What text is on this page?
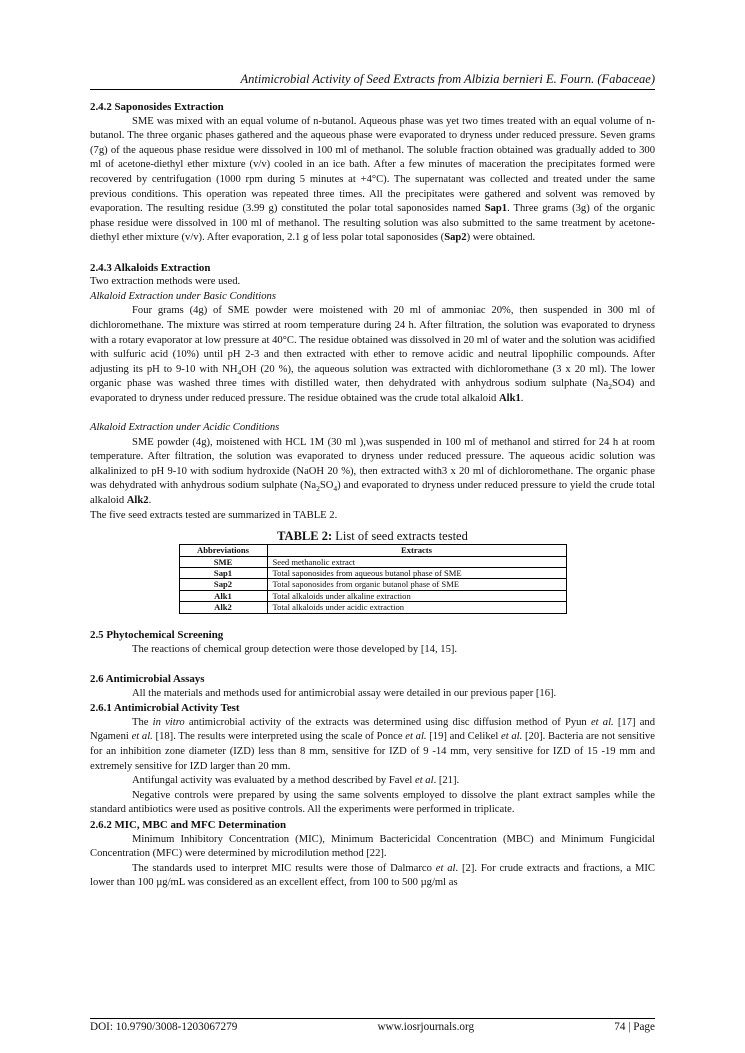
Antimicrobial Activity of Seed Extracts from Albizia bernieri E. Fourn. (Fabaceae)
2.4.2 Saponosides Extraction

SME was mixed with an equal volume of n-butanol. Aqueous phase was yet two times treated with an equal volume of n-butanol. The three organic phases gathered and the aqueous phase were evaporated to dryness under reduced pressure. Seven grams (7g) of the aqueous phase residue were dissolved in 100 ml of methanol. The soluble fraction obtained was gradually added to 300 ml of acetone-diethyl ether mixture (v/v) cooled in an ice bath. After a few minutes of maceration the precipitates formed were recovered by centrifugation (1000 rpm during 5 minutes at +4°C). The supernatant was collected and treated under the same previous conditions. This operation was repeated three times. All the precipitates were gathered and solvent was removed by evaporation. The resulting residue (3.99 g) constituted the polar total saponosides named Sap1. Three grams (3g) of the organic phase residue were dissolved in 100 ml of methanol. The resulting solution was also submitted to the same treatment by acetone-diethyl ether mixture (v/v). After evaporation, 2.1 g of less polar total saponosides (Sap2) were obtained.

2.4.3 Alkaloids Extraction

Two extraction methods were used.

Alkaloid Extraction under Basic Conditions

Four grams (4g) of SME powder were moistened with 20 ml of ammoniac 20%, then suspended in 300 ml of dichloromethane. The mixture was stirred at room temperature during 24 h. After filtration, the solution was evaporated to dryness with a rotary evaporator at low pressure at 40°C. The residue obtained was dissolved in 20 ml of water and the solution was acidified with sulfuric acid (10%) until pH 2-3 and then extracted with ether to remove acidic and neutral lipophilic compounds. After adjusting its pH to 9-10 with $NH_4OH$ (20 %), the aqueous solution was extracted with dichloromethane (3 x 20 ml). The lower organic phase was washed three times with distilled water, then dehydrated with anhydrous sodium sulphate $(Na_2SO4)$ and evaporated to dryness under reduced pressure. The residue obtained was the crude total alkaloid Alk1.

Alkaloid Extraction under Acidic Conditions

SME powder (4g), moistened with HCL 1M (30 ml ),was suspended in 100 ml of methanol and stirred for 24 h at room temperature. After filtration, the solution was evaporated to dryness under reduced pressure. The aqueous acidic solution was alkalinized to pH 9-10 with sodium hydroxide (NaOH 20 %), then extracted with3 x 20 ml of dichloromethane. The organic phase was dehydrated with anhydrous sodium sulphate $(Na_2SO_4)$ and evaporated to dryness under reduced pressure to yield the crude total alkaloid Alk2.

The five seed extracts tested are summarized in TABLE 2.

TABLE 2: List of seed extracts tested
Abbreviations	Extracts
SME	Seed methanolic extract
Sap1	Total saponosides from aqueous butanol phase of SME
Sap2	Total saponosides from organic butanol phase of SME
Alk1	Total alkaloids under alkaline extraction
Alk2	Total alkaloids under acidic extraction
2.5 Phytochemical Screening

The reactions of chemical group detection were those developed by [14, 15].

2.6 Antimicrobial Assays

All the materials and methods used for antimicrobial assay were detailed in our previous paper [16].

2.6.1 Antimicrobial Activity Test

The in vitro antimicrobial activity of the extracts was determined using disc diffusion method of Pyun et al. [17] and Ngameni et al. [18]. The results were interpreted using the scale of Ponce et al. [19] and Celikel et al. [20]. Bacteria are not sensitive for an inhibition zone diameter (IZD) less than 8 mm, sensitive for IZD of 9 -14 mm, very sensitive for IZD of 15 -19 mm and extremely sensitive for IZD larger than 20 mm.

Antifungal activity was evaluated by a method described by Favel et al. [21].

Negative controls were prepared by using the same solvents employed to dissolve the plant extract samples while the standard antibiotics were used as positive controls. All the experiments were performed in triplicate.

2.6.2 MIC, MBC and MFC Determination

Minimum Inhibitory Concentration (MIC), Minimum Bactericidal Concentration (MBC) and Minimum Fungicidal Concentration (MFC) were determined by microdilution method [22].

The standards used to interpret MIC results were those of Dalmarco et al. [2]. For crude extracts and fractions, a MIC lower than 100 µg/mL was considered as an excellent effect, from 100 to 500 µg/ml as

DOI: 10.9790/3008-1203067279	www.iosrjournals.org	74 | Page
